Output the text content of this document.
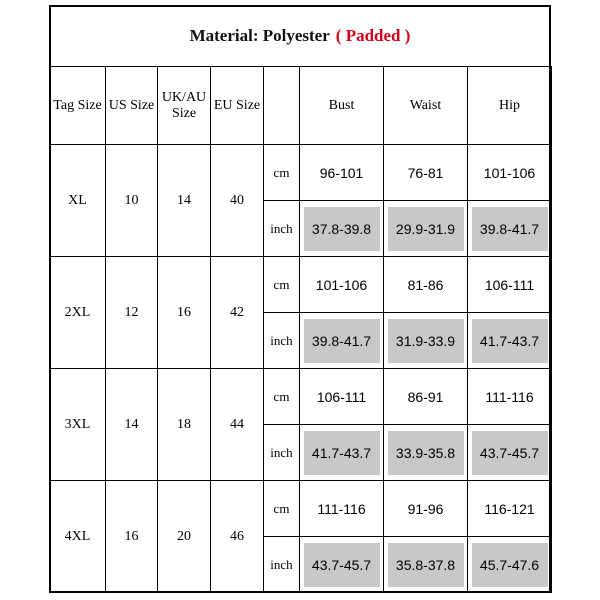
Material: Polyester ( Padded )
Tag Size	US Size	UK/AU Size	EU Size		Bust	Waist	Hip
XL	10	14	40	cm	96-101	76-81	101-106
				inch	37.8-39.8	29.9-31.9	39.8-41.7
2XL	12	16	42	cm	101-106	81-86	106-111
				inch	39.8-41.7	31.9-33.9	41.7-43.7
3XL	14	18	44	cm	106-111	86-91	111-116
				inch	41.7-43.7	33.9-35.8	43.7-45.7
4XL	16	20	46	cm	111-116	91-96	116-121
				inch	43.7-45.7	35.8-37.8	45.7-47.6
